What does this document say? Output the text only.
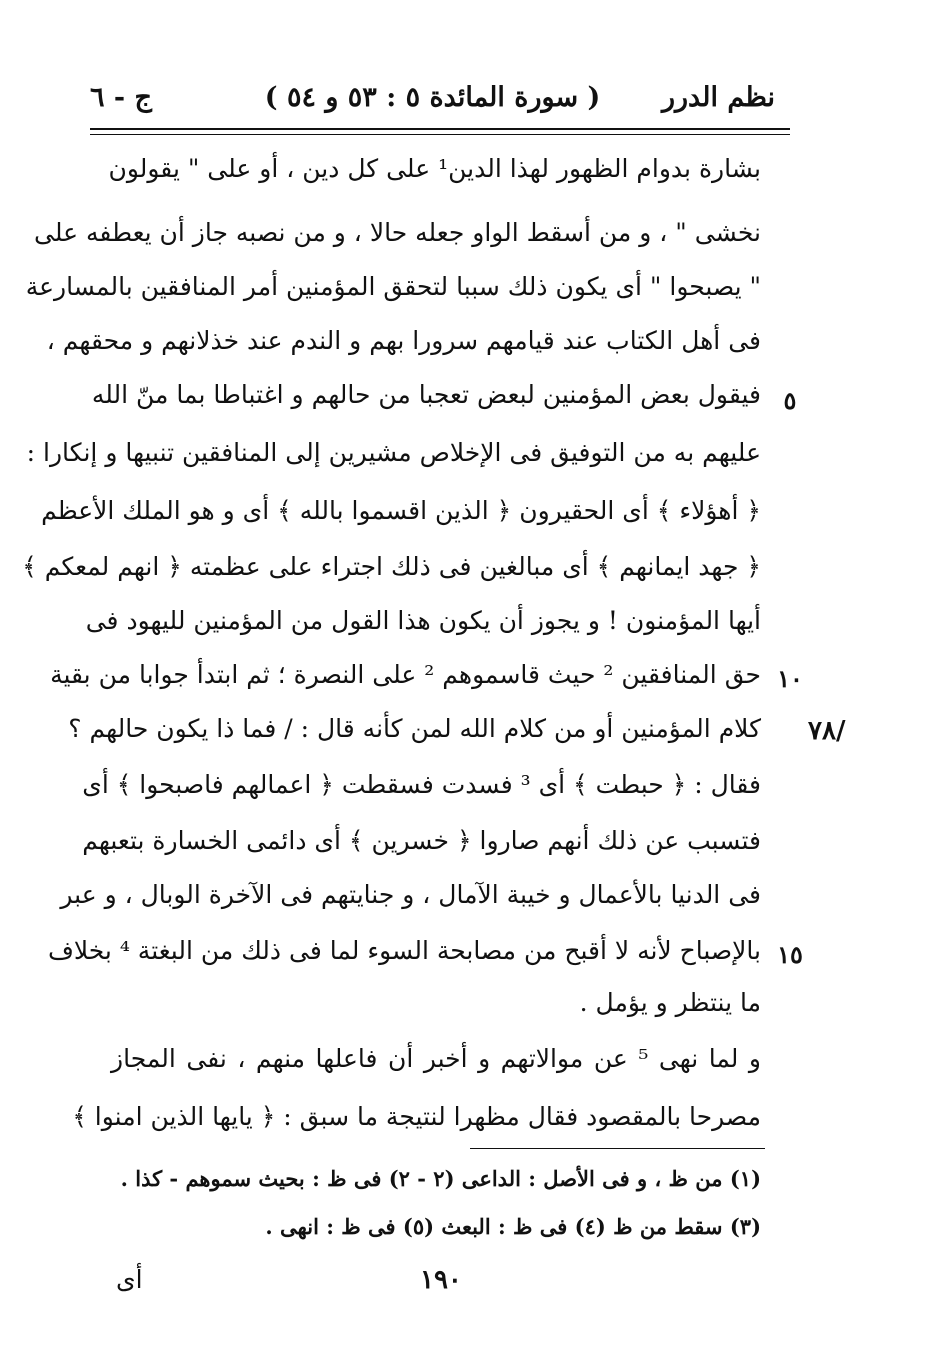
نظم الدرر
( سورة المائدة ٥ : ٥٣ و ٥٤ )
ج - ٦
بشارة بدوام الظهور لهذا الدين¹ على كل دين ، أو على " يقولون
نخشى " ، و من أسقط الواو جعله حالا ، و من نصبه جاز أن يعطفه على
" يصبحوا " أى يكون ذلك سببا لتحقق المؤمنين أمر المنافقين بالمسارعة
فى أهل الكتاب عند قيامهم سرورا بهم و الندم عند خذلانهم و محقهم ،
فيقول بعض المؤمنين لبعض تعجبا من حالهم و اغتباطا بما منّ الله
عليهم به من التوفيق فى الإخلاص مشيرين إلى المنافقين تنبيها و إنكارا :
﴿ أهؤلاء ﴾ أى الحقيرون ﴿ الذين اقسموا بالله ﴾ أى و هو الملك الأعظم
﴿ جهد ايمانهم ﴾ أى مبالغين فى ذلك اجتراء على عظمته ﴿ انهم لمعكم ﴾
أيها المؤمنون ! و يجوز أن يكون هذا القول من المؤمنين لليهود فى
حق المنافقين ² حيث قاسموهم ² على النصرة ؛ ثم ابتدأ جوابا من بقية
كلام المؤمنين أو من كلام الله لمن كأنه قال : / فما ذا يكون حالهم ؟
فقال : ﴿ حبطت ﴾ أى ³ فسدت فسقطت ﴿ اعمالهم فاصبحوا ﴾ أى
فتسبب عن ذلك أنهم صاروا ﴿ خسرين ﴾ أى دائمى الخسارة بتعبهم
فى الدنيا بالأعمال و خيبة الآمال ، و جنايتهم فى الآخرة الوبال ، و عبر
بالإصباح لأنه لا أقبح من مصابحة السوء لما فى ذلك من البغتة ⁴ بخلاف
ما ينتظر و يؤمل .
و لما نهى ⁵ عن موالاتهم و أخبر أن فاعلها منهم ، نفى المجاز
مصرحا بالمقصود فقال مظهرا لنتيجة ما سبق : ﴿ يايها الذين امنوا ﴾
٥
١٠
١٥
٧٨/
(١) من ظ ، و فى الأصل : الداعى (٢ - ٢) فى ظ : بحيث سموهم - كذا .
(٣) سقط من ظ (٤) فى ظ : البعث (٥) فى ظ : انهى .
١٩٠
أى
